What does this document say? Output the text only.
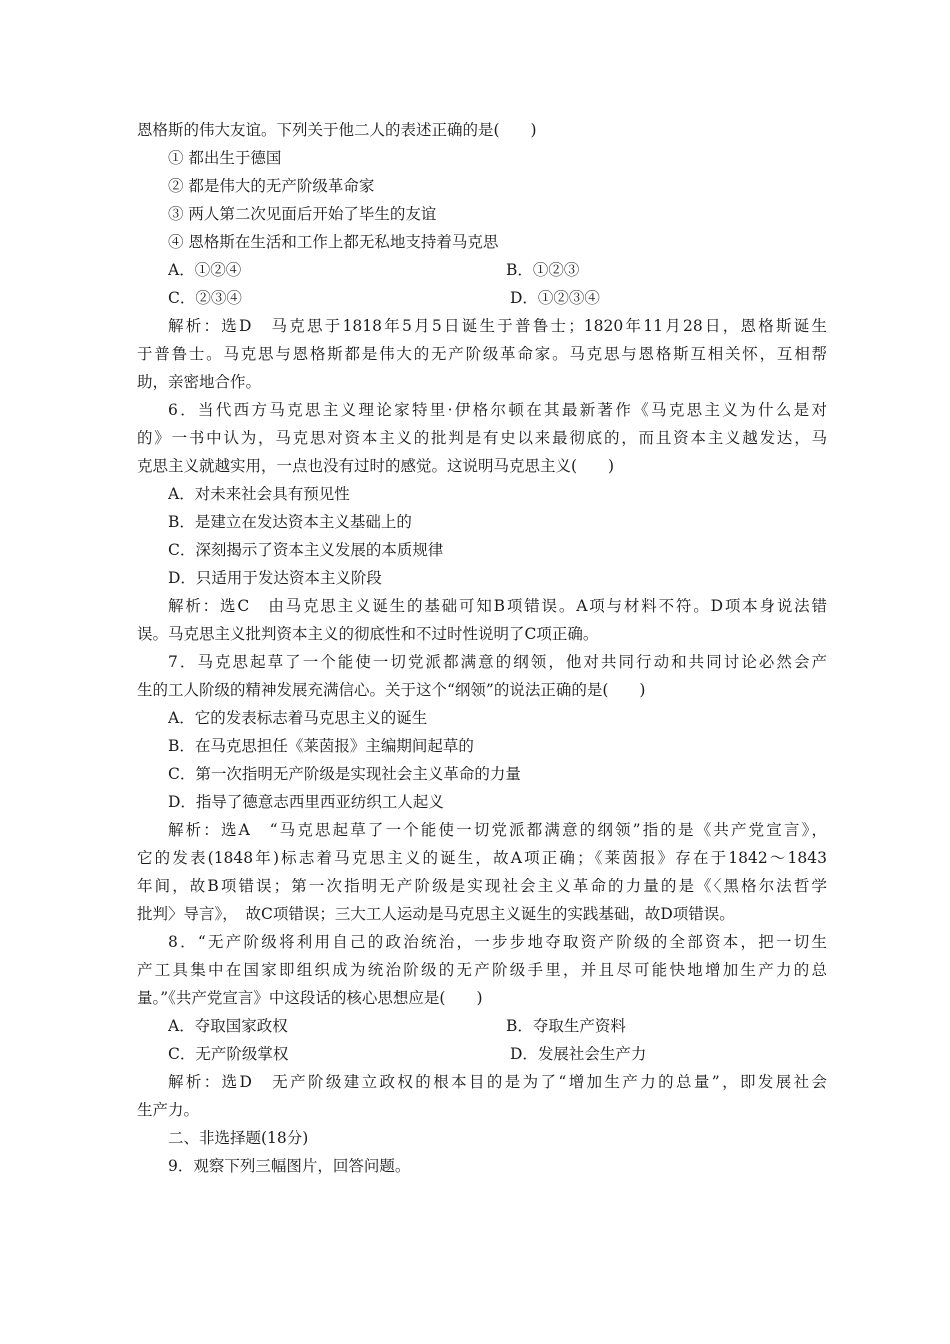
恩格斯的伟大友谊。下列关于他二人的表述正确的是(　　)
① 都出生于德国
② 都是伟大的无产阶级革命家
③ 两人第二次见面后开始了毕生的友谊
④ 恩格斯在生活和工作上都无私地支持着马克思
A．①②④	B．①②③
C．②③④	D．①②③④
解析：选D　马克思于1818年5月5日诞生于普鲁士；1820年11月28日，恩格斯诞生
于普鲁士。马克思与恩格斯都是伟大的无产阶级革命家。马克思与恩格斯互相关怀，互相帮
助，亲密地合作。
6．当代西方马克思主义理论家特里·伊格尔顿在其最新著作《马克思主义为什么是对
的》一书中认为，马克思对资本主义的批判是有史以来最彻底的，而且资本主义越发达，马
克思主义就越实用，一点也没有过时的感觉。这说明马克思主义(　　)
A．对未来社会具有预见性
B．是建立在发达资本主义基础上的
C．深刻揭示了资本主义发展的本质规律
D．只适用于发达资本主义阶段
解析：选C　由马克思主义诞生的基础可知B项错误。A项与材料不符。D项本身说法错
误。马克思主义批判资本主义的彻底性和不过时性说明了C项正确。
7．马克思起草了一个能使一切党派都满意的纲领，他对共同行动和共同讨论必然会产
生的工人阶级的精神发展充满信心。关于这个“纲领”的说法正确的是(　　)
A．它的发表标志着马克思主义的诞生
B．在马克思担任《莱茵报》主编期间起草的
C．第一次指明无产阶级是实现社会主义革命的力量
D．指导了德意志西里西亚纺织工人起义
解析：选A　“马克思起草了一个能使一切党派都满意的纲领”指的是《共产党宣言》，
它的发表(1848年)标志着马克思主义的诞生，故A项正确；《莱茵报》存在于1842～1843
年间，故B项错误；第一次指明无产阶级是实现社会主义革命的力量的是《〈黑格尔法哲学
批判〉导言》，　故C项错误；三大工人运动是马克思主义诞生的实践基础，故D项错误。
8．“无产阶级将利用自己的政治统治，一步步地夺取资产阶级的全部资本，把一切生
产工具集中在国家即组织成为统治阶级的无产阶级手里，并且尽可能快地增加生产力的总
量。”《共产党宣言》中这段话的核心思想应是(　　)
A．夺取国家政权	B．夺取生产资料
C．无产阶级掌权	D．发展社会生产力
解析：选D　无产阶级建立政权的根本目的是为了“增加生产力的总量”，即发展社会
生产力。
二、非选择题(18分)
9．观察下列三幅图片，回答问题。
